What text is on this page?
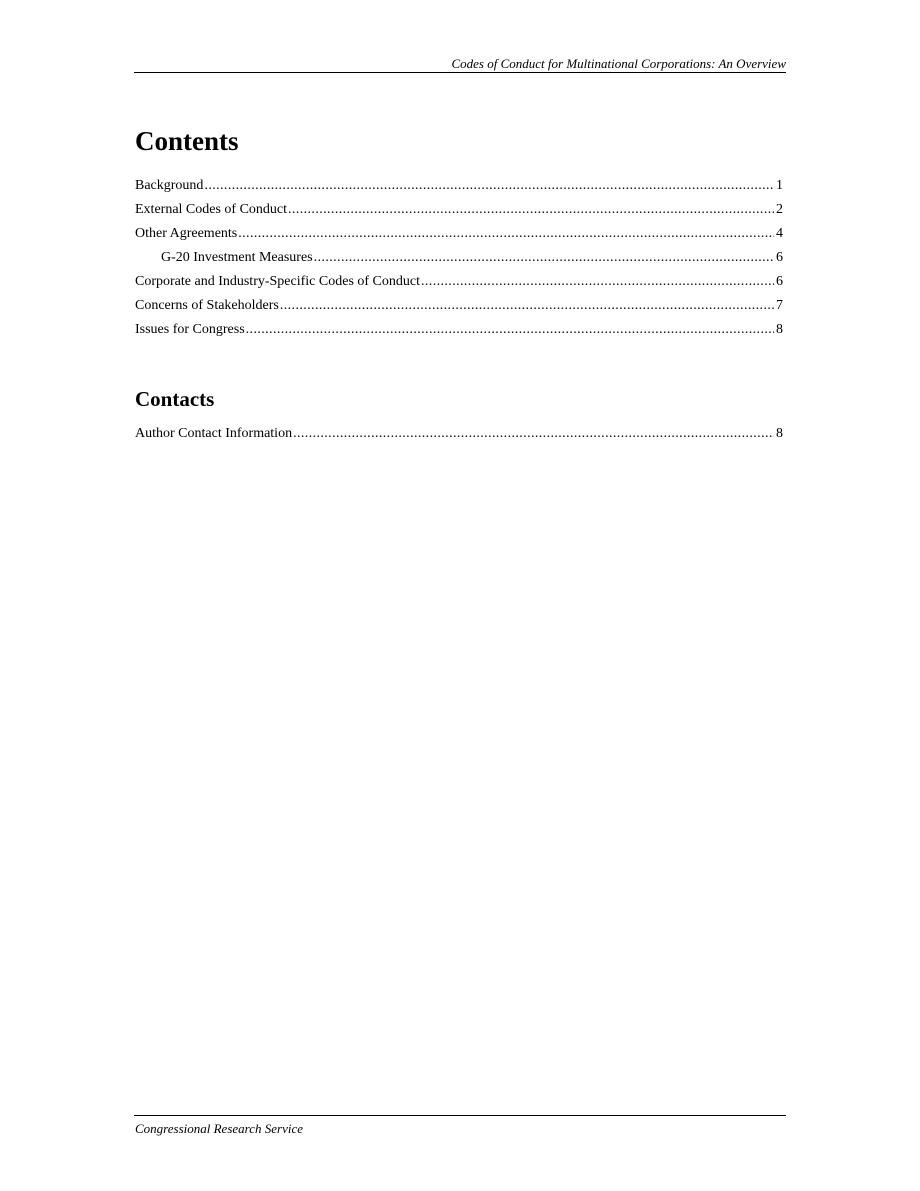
Codes of Conduct for Multinational Corporations: An Overview
Contents
Background .....	1
External Codes of Conduct .....	2
Other Agreements .....	4
G-20 Investment Measures .....	6
Corporate and Industry-Specific Codes of Conduct .....	6
Concerns of Stakeholders .....	7
Issues for Congress .....	8
Contacts
Author Contact Information .....	8
Congressional Research Service
